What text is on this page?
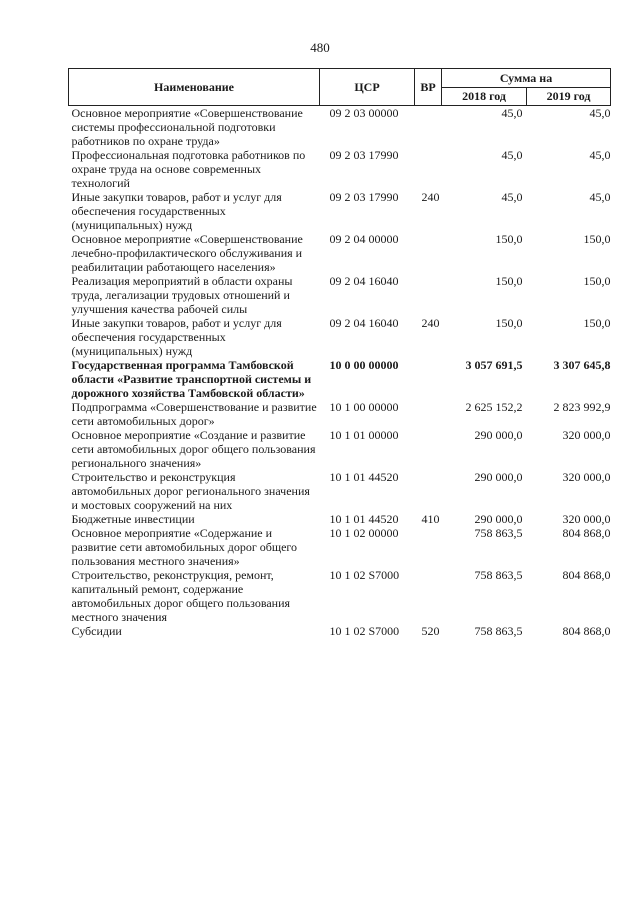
480
Наименование	ЦСР	ВР	Сумма на	
			2018 год	2019 год
Основное мероприятие «Совершенствование системы профессиональной подготовки работников по охране труда»	09 2 03 00000		45,0	45,0
Профессиональная подготовка работников по охране труда на основе современных технологий	09 2 03 17990		45,0	45,0
Иные закупки товаров, работ и услуг для обеспечения государственных (муниципальных) нужд	09 2 03 17990	240	45,0	45,0
Основное мероприятие «Совершенствование лечебно-профилактического обслуживания и реабилитации работающего населения»	09 2 04 00000		150,0	150,0
Реализация мероприятий в области охраны труда, легализации трудовых отношений и улучшения качества рабочей силы	09 2 04 16040		150,0	150,0
Иные закупки товаров, работ и услуг для обеспечения государственных (муниципальных) нужд	09 2 04 16040	240	150,0	150,0
Государственная программа Тамбовской области «Развитие транспортной системы и дорожного хозяйства Тамбовской области»	10 0 00 00000		3 057 691,5	3 307 645,8
Подпрограмма «Совершенствование и развитие сети автомобильных дорог»	10 1 00 00000		2 625 152,2	2 823 992,9
Основное мероприятие «Создание и развитие сети автомобильных дорог общего пользования регионального значения»	10 1 01 00000		290 000,0	320 000,0
Строительство и реконструкция автомобильных дорог регионального значения и мостовых сооружений на них	10 1 01 44520		290 000,0	320 000,0
Бюджетные инвестиции	10 1 01 44520	410	290 000,0	320 000,0
Основное мероприятие «Содержание и развитие сети автомобильных дорог общего пользования местного значения»	10 1 02 00000		758 863,5	804 868,0
Строительство, реконструкция, ремонт, капитальный ремонт, содержание автомобильных дорог общего пользования местного значения	10 1 02 S7000		758 863,5	804 868,0
Субсидии	10 1 02 S7000	520	758 863,5	804 868,0
